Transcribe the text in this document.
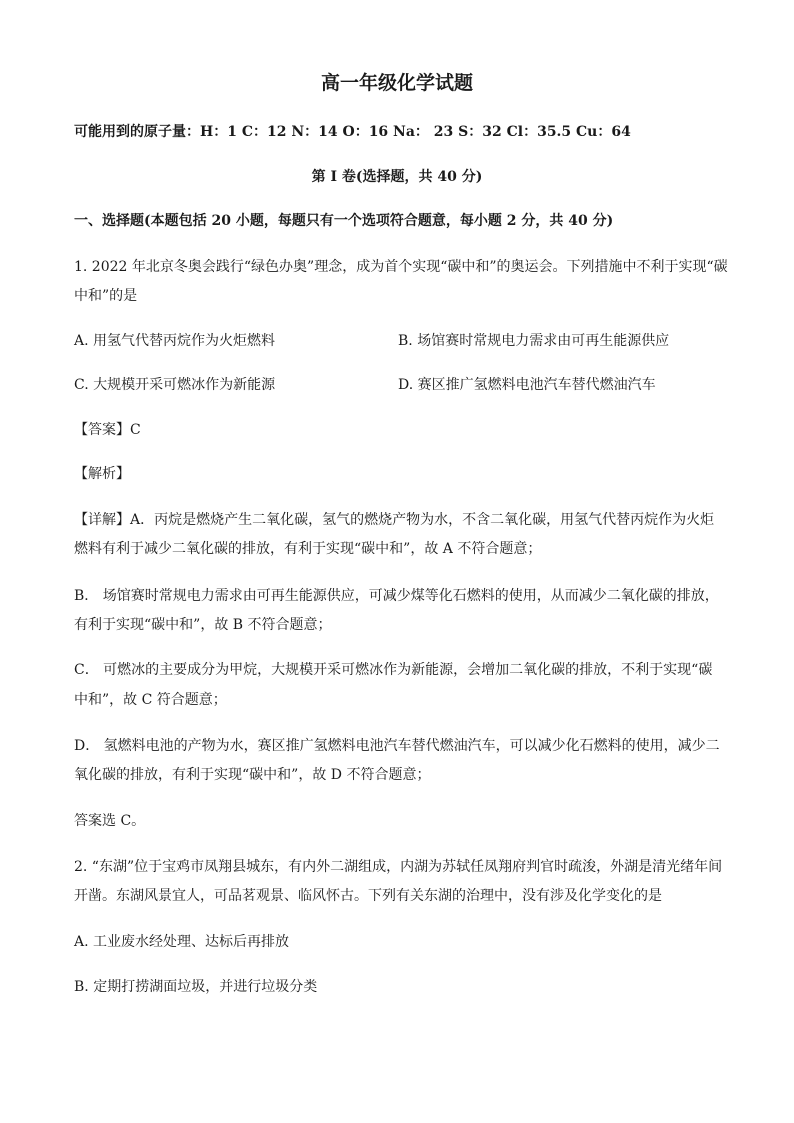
高一年级化学试题
可能用到的原子量：H：1 C：12 N：14 O：16 Na： 23 S：32 Cl：35.5 Cu：64
第 I 卷(选择题，共 40 分)
一、选择题(本题包括 20 小题，每题只有一个选项符合题意，每小题 2 分，共 40 分)
1. 2022 年北京冬奥会践行“绿色办奥”理念，成为首个实现“碳中和”的奥运会。下列措施中不利于实现“碳
中和”的是
A. 用氢气代替丙烷作为火炬燃料	B. 场馆赛时常规电力需求由可再生能源供应
C. 大规模开采可燃冰作为新能源	D. 赛区推广氢燃料电池汽车替代燃油汽车
【答案】C
【解析】
【详解】A．丙烷是燃烧产生二氧化碳，氢气的燃烧产物为水，不含二氧化碳，用氢气代替丙烷作为火炬
燃料有利于减少二氧化碳的排放，有利于实现“碳中和”，故 A 不符合题意；
B． 场馆赛时常规电力需求由可再生能源供应，可减少煤等化石燃料的使用，从而减少二氧化碳的排放，
有利于实现“碳中和”，故 B 不符合题意；
C． 可燃冰的主要成分为甲烷，大规模开采可燃冰作为新能源，会增加二氧化碳的排放，不利于实现“碳
中和”，故 C 符合题意；
D． 氢燃料电池的产物为水，赛区推广氢燃料电池汽车替代燃油汽车，可以减少化石燃料的使用，减少二
氧化碳的排放，有利于实现“碳中和”，故 D 不符合题意；
答案选 C。
2. “东湖”位于宝鸡市凤翔县城东，有内外二湖组成，内湖为苏轼任凤翔府判官时疏浚，外湖是清光绪年间
开凿。东湖风景宜人，可品茗观景、临风怀古。下列有关东湖的治理中，没有涉及化学变化的是
A. 工业废水经处理、达标后再排放
B. 定期打捞湖面垃圾，并进行垃圾分类
